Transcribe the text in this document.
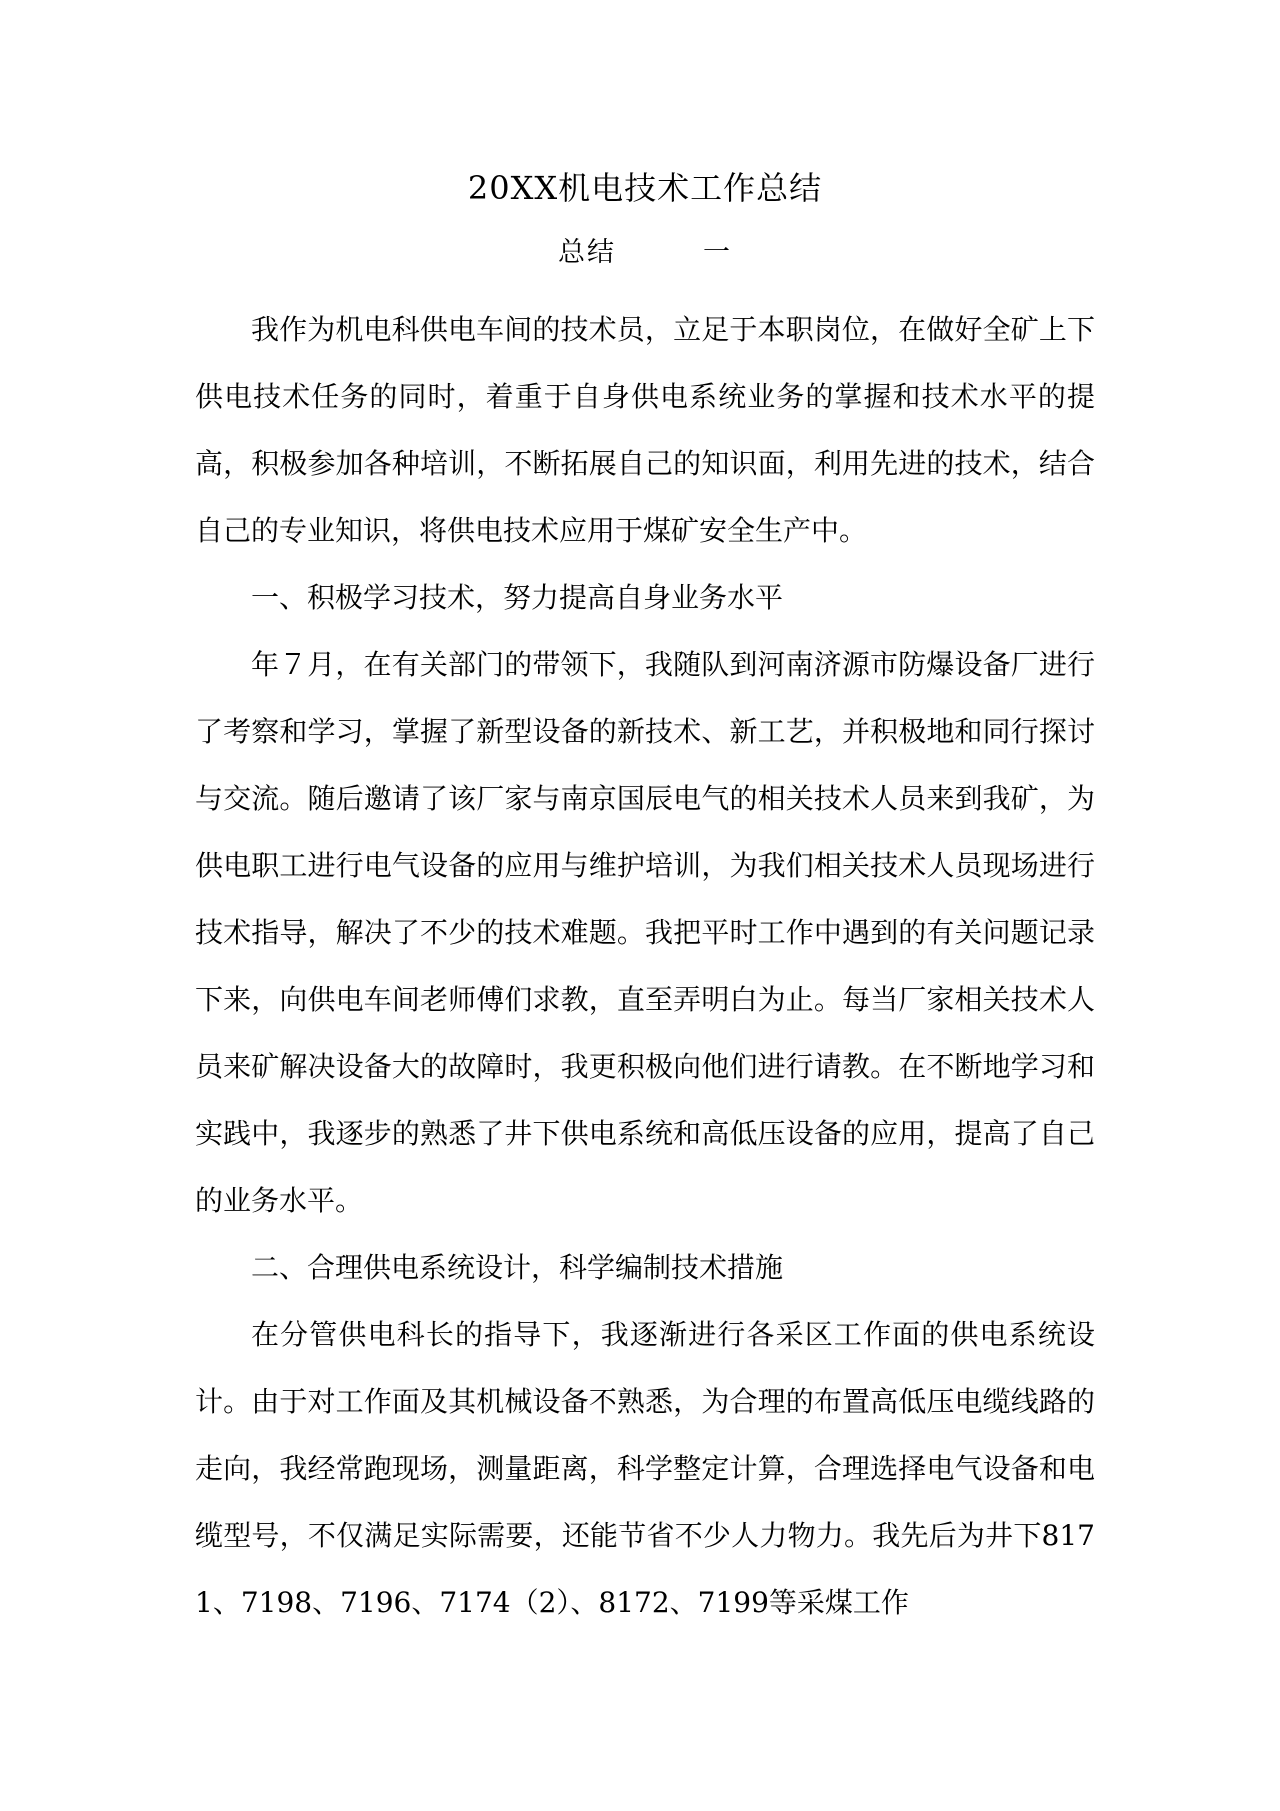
20XX机电技术工作总结
总结　　　一

我作为机电科供电车间的技术员，立足于本职岗位，在做好全矿上下供电技术任务的同时，着重于自身供电系统业务的掌握和技术水平的提高，积极参加各种培训，不断拓展自己的知识面，利用先进的技术，结合自己的专业知识，将供电技术应用于煤矿安全生产中。

一、积极学习技术，努力提高自身业务水平

年７月，在有关部门的带领下，我随队到河南济源市防爆设备厂进行了考察和学习，掌握了新型设备的新技术、新工艺，并积极地和同行探讨与交流。随后邀请了该厂家与南京国辰电气的相关技术人员来到我矿，为供电职工进行电气设备的应用与维护培训，为我们相关技术人员现场进行技术指导，解决了不少的技术难题。我把平时工作中遇到的有关问题记录下来，向供电车间老师傅们求教，直至弄明白为止。每当厂家相关技术人员来矿解决设备大的故障时，我更积极向他们进行请教。在不断地学习和实践中，我逐步的熟悉了井下供电系统和高低压设备的应用，提高了自己的业务水平。

二、合理供电系统设计，科学编制技术措施

在分管供电科长的指导下，我逐渐进行各采区工作面的供电系统设计。由于对工作面及其机械设备不熟悉，为合理的布置高低压电缆线路的走向，我经常跑现场，测量距离，科学整定计算，合理选择电气设备和电缆型号，不仅满足实际需要，还能节省不少人力物力。我先后为井下8171、7198、7196、7174（2）、8172、7199等采煤工作
